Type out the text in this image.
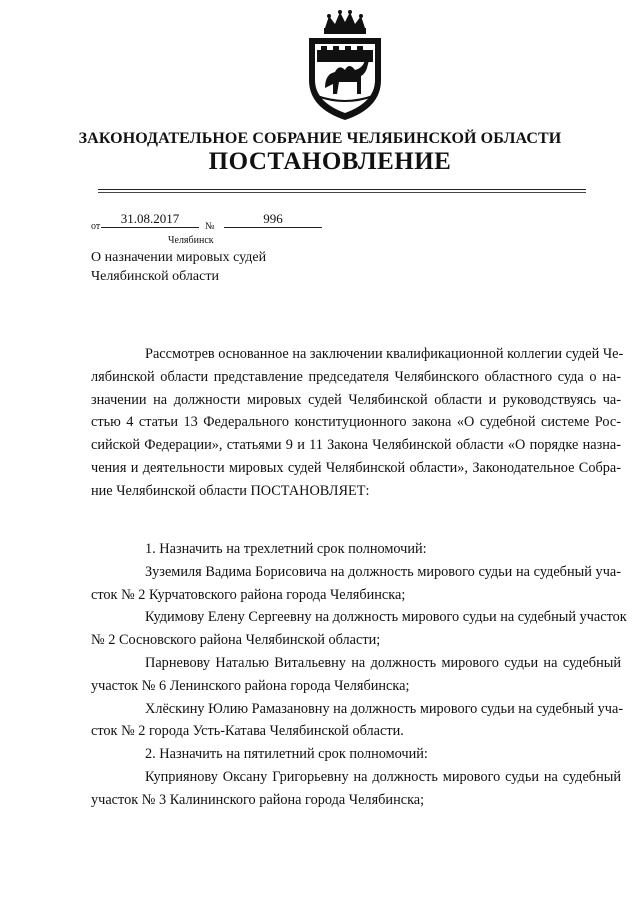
ЗАКОНОДАТЕЛЬНОЕ СОБРАНИЕ ЧЕЛЯБИНСКОЙ ОБЛАСТИ
ПОСТАНОВЛЕНИЕ
от
31.08.2017
№
996
Челябинск
О назначении мировых судей
Челябинской области
Рассмотрев основанное на заключении квалификационной коллегии судей Че-
лябинской области представление председателя Челябинского областного суда о на-
значении на должности мировых судей Челябинской области и руководствуясь ча-
стью 4 статьи 13 Федерального конституционного закона «О судебной системе Рос-
сийской Федерации», статьями 9 и 11 Закона Челябинской области «О порядке назна-
чения и деятельности мировых судей Челябинской области», Законодательное Собра-
ние Челябинской области ПОСТАНОВЛЯЕТ:
1. Назначить на трехлетний срок полномочий:
Зуземиля Вадима Борисовича на должность мирового судьи на судебный уча-
сток № 2 Курчатовского района города Челябинска;
Кудимову Елену Сергеевну на должность мирового судьи на судебный участок
№ 2 Сосновского района Челябинской области;
Парневову Наталью Витальевну на должность мирового судьи на судебный
участок № 6 Ленинского района города Челябинска;
Хлёскину Юлию Рамазановну на должность мирового судьи на судебный уча-
сток № 2 города Усть-Катава Челябинской области.
2. Назначить на пятилетний срок полномочий:
Куприянову Оксану Григорьевну на должность мирового судьи на судебный
участок № 3 Калининского района города Челябинска;
